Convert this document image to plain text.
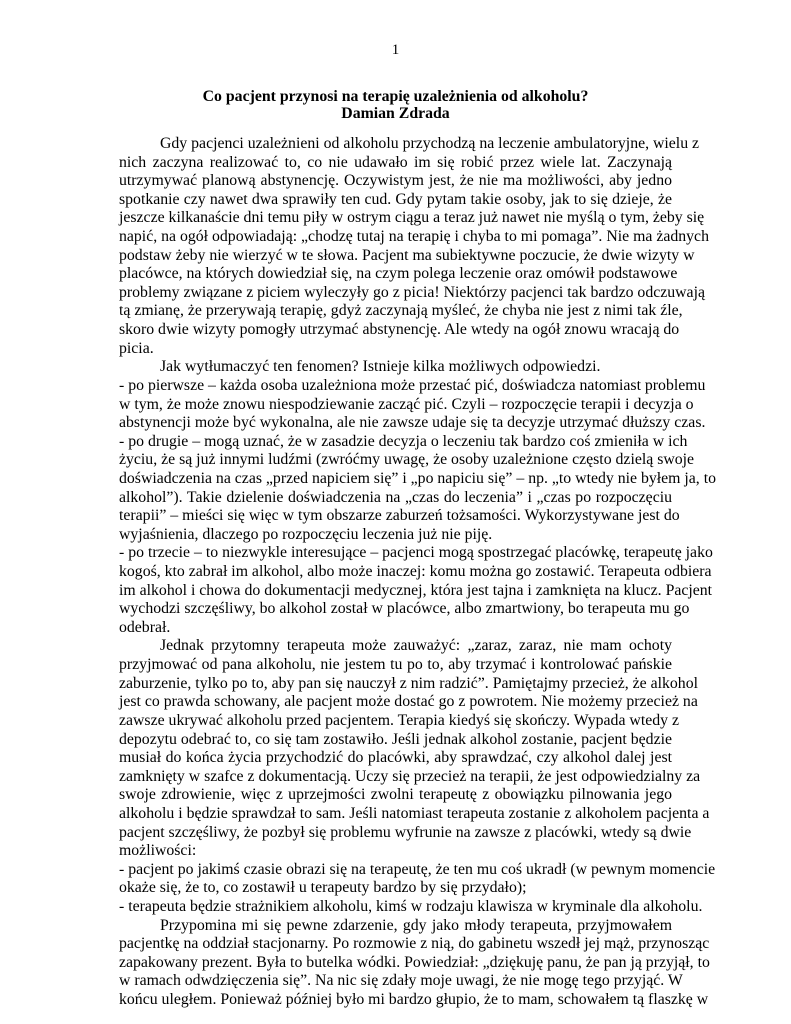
1
Co pacjent przynosi na terapię uzależnienia od alkoholu?
Damian Zdrada
Gdy pacjenci uzależnieni od alkoholu przychodzą na leczenie ambulatoryjne, wielu z
nich zaczyna realizować to, co nie udawało im się robić przez wiele lat. Zaczynają
utrzymywać planową abstynencję. Oczywistym jest, że nie ma możliwości, aby jedno
spotkanie czy nawet dwa sprawiły ten cud. Gdy pytam takie osoby, jak to się dzieje, że
jeszcze kilkanaście dni temu piły w ostrym ciągu a teraz już nawet nie myślą o tym, żeby się
napić, na ogół odpowiadają: „chodzę tutaj na terapię i chyba to mi pomaga”. Nie ma żadnych
podstaw żeby nie wierzyć w te słowa. Pacjent ma subiektywne poczucie, że dwie wizyty w
placówce, na których dowiedział się, na czym polega leczenie oraz omówił podstawowe
problemy związane z piciem wyleczyły go z picia! Niektórzy pacjenci tak bardzo odczuwają
tą zmianę, że przerywają terapię, gdyż zaczynają myśleć, że chyba nie jest z nimi tak źle,
skoro dwie wizyty pomogły utrzymać abstynencję. Ale wtedy na ogół znowu wracają do
picia.
Jak wytłumaczyć ten fenomen? Istnieje kilka możliwych odpowiedzi.
- po pierwsze – każda osoba uzależniona może przestać pić, doświadcza natomiast problemu
w tym, że może znowu niespodziewanie zacząć pić. Czyli – rozpoczęcie terapii i decyzja o
abstynencji może być wykonalna, ale nie zawsze udaje się ta decyzje utrzymać dłuższy czas.
- po drugie – mogą uznać, że w zasadzie decyzja o leczeniu tak bardzo coś zmieniła w ich
życiu, że są już innymi ludźmi (zwróćmy uwagę, że osoby uzależnione często dzielą swoje
doświadczenia na czas „przed napiciem się” i „po napiciu się” – np. „to wtedy nie byłem ja, to
alkohol”). Takie dzielenie doświadczenia na „czas do leczenia” i „czas po rozpoczęciu
terapii” – mieści się więc w tym obszarze zaburzeń tożsamości. Wykorzystywane jest do
wyjaśnienia, dlaczego po rozpoczęciu leczenia już nie piję.
- po trzecie – to niezwykle interesujące – pacjenci mogą spostrzegać placówkę, terapeutę jako
kogoś, kto zabrał im alkohol, albo może inaczej: komu można go zostawić. Terapeuta odbiera
im alkohol i chowa do dokumentacji medycznej, która jest tajna i zamknięta na klucz. Pacjent
wychodzi szczęśliwy, bo alkohol został w placówce, albo zmartwiony, bo terapeuta mu go
odebrał.
Jednak przytomny terapeuta może zauważyć: „zaraz, zaraz, nie mam ochoty
przyjmować od pana alkoholu, nie jestem tu po to, aby trzymać i kontrolować pańskie
zaburzenie, tylko po to, aby pan się nauczył z nim radzić”. Pamiętajmy przecież, że alkohol
jest co prawda schowany, ale pacjent może dostać go z powrotem. Nie możemy przecież na
zawsze ukrywać alkoholu przed pacjentem. Terapia kiedyś się skończy. Wypada wtedy z
depozytu odebrać to, co się tam zostawiło. Jeśli jednak alkohol zostanie, pacjent będzie
musiał do końca życia przychodzić do placówki, aby sprawdzać, czy alkohol dalej jest
zamknięty w szafce z dokumentacją. Uczy się przecież na terapii, że jest odpowiedzialny za
swoje zdrowienie, więc z uprzejmości zwolni terapeutę z obowiązku pilnowania jego
alkoholu i będzie sprawdzał to sam. Jeśli natomiast terapeuta zostanie z alkoholem pacjenta a
pacjent szczęśliwy, że pozbył się problemu wyfrunie na zawsze z placówki, wtedy są dwie
możliwości:
- pacjent po jakimś czasie obrazi się na terapeutę, że ten mu coś ukradł (w pewnym momencie
okaże się, że to, co zostawił u terapeuty bardzo by się przydało);
- terapeuta będzie strażnikiem alkoholu, kimś w rodzaju klawisza w kryminale dla alkoholu.
Przypomina mi się pewne zdarzenie, gdy jako młody terapeuta, przyjmowałem
pacjentkę na oddział stacjonarny. Po rozmowie z nią, do gabinetu wszedł jej mąż, przynosząc
zapakowany prezent. Była to butelka wódki. Powiedział: „dziękuję panu, że pan ją przyjął, to
w ramach odwdzięczenia się”. Na nic się zdały moje uwagi, że nie mogę tego przyjąć. W
końcu uległem. Ponieważ później było mi bardzo głupio, że to mam, schowałem tą flaszkę w
